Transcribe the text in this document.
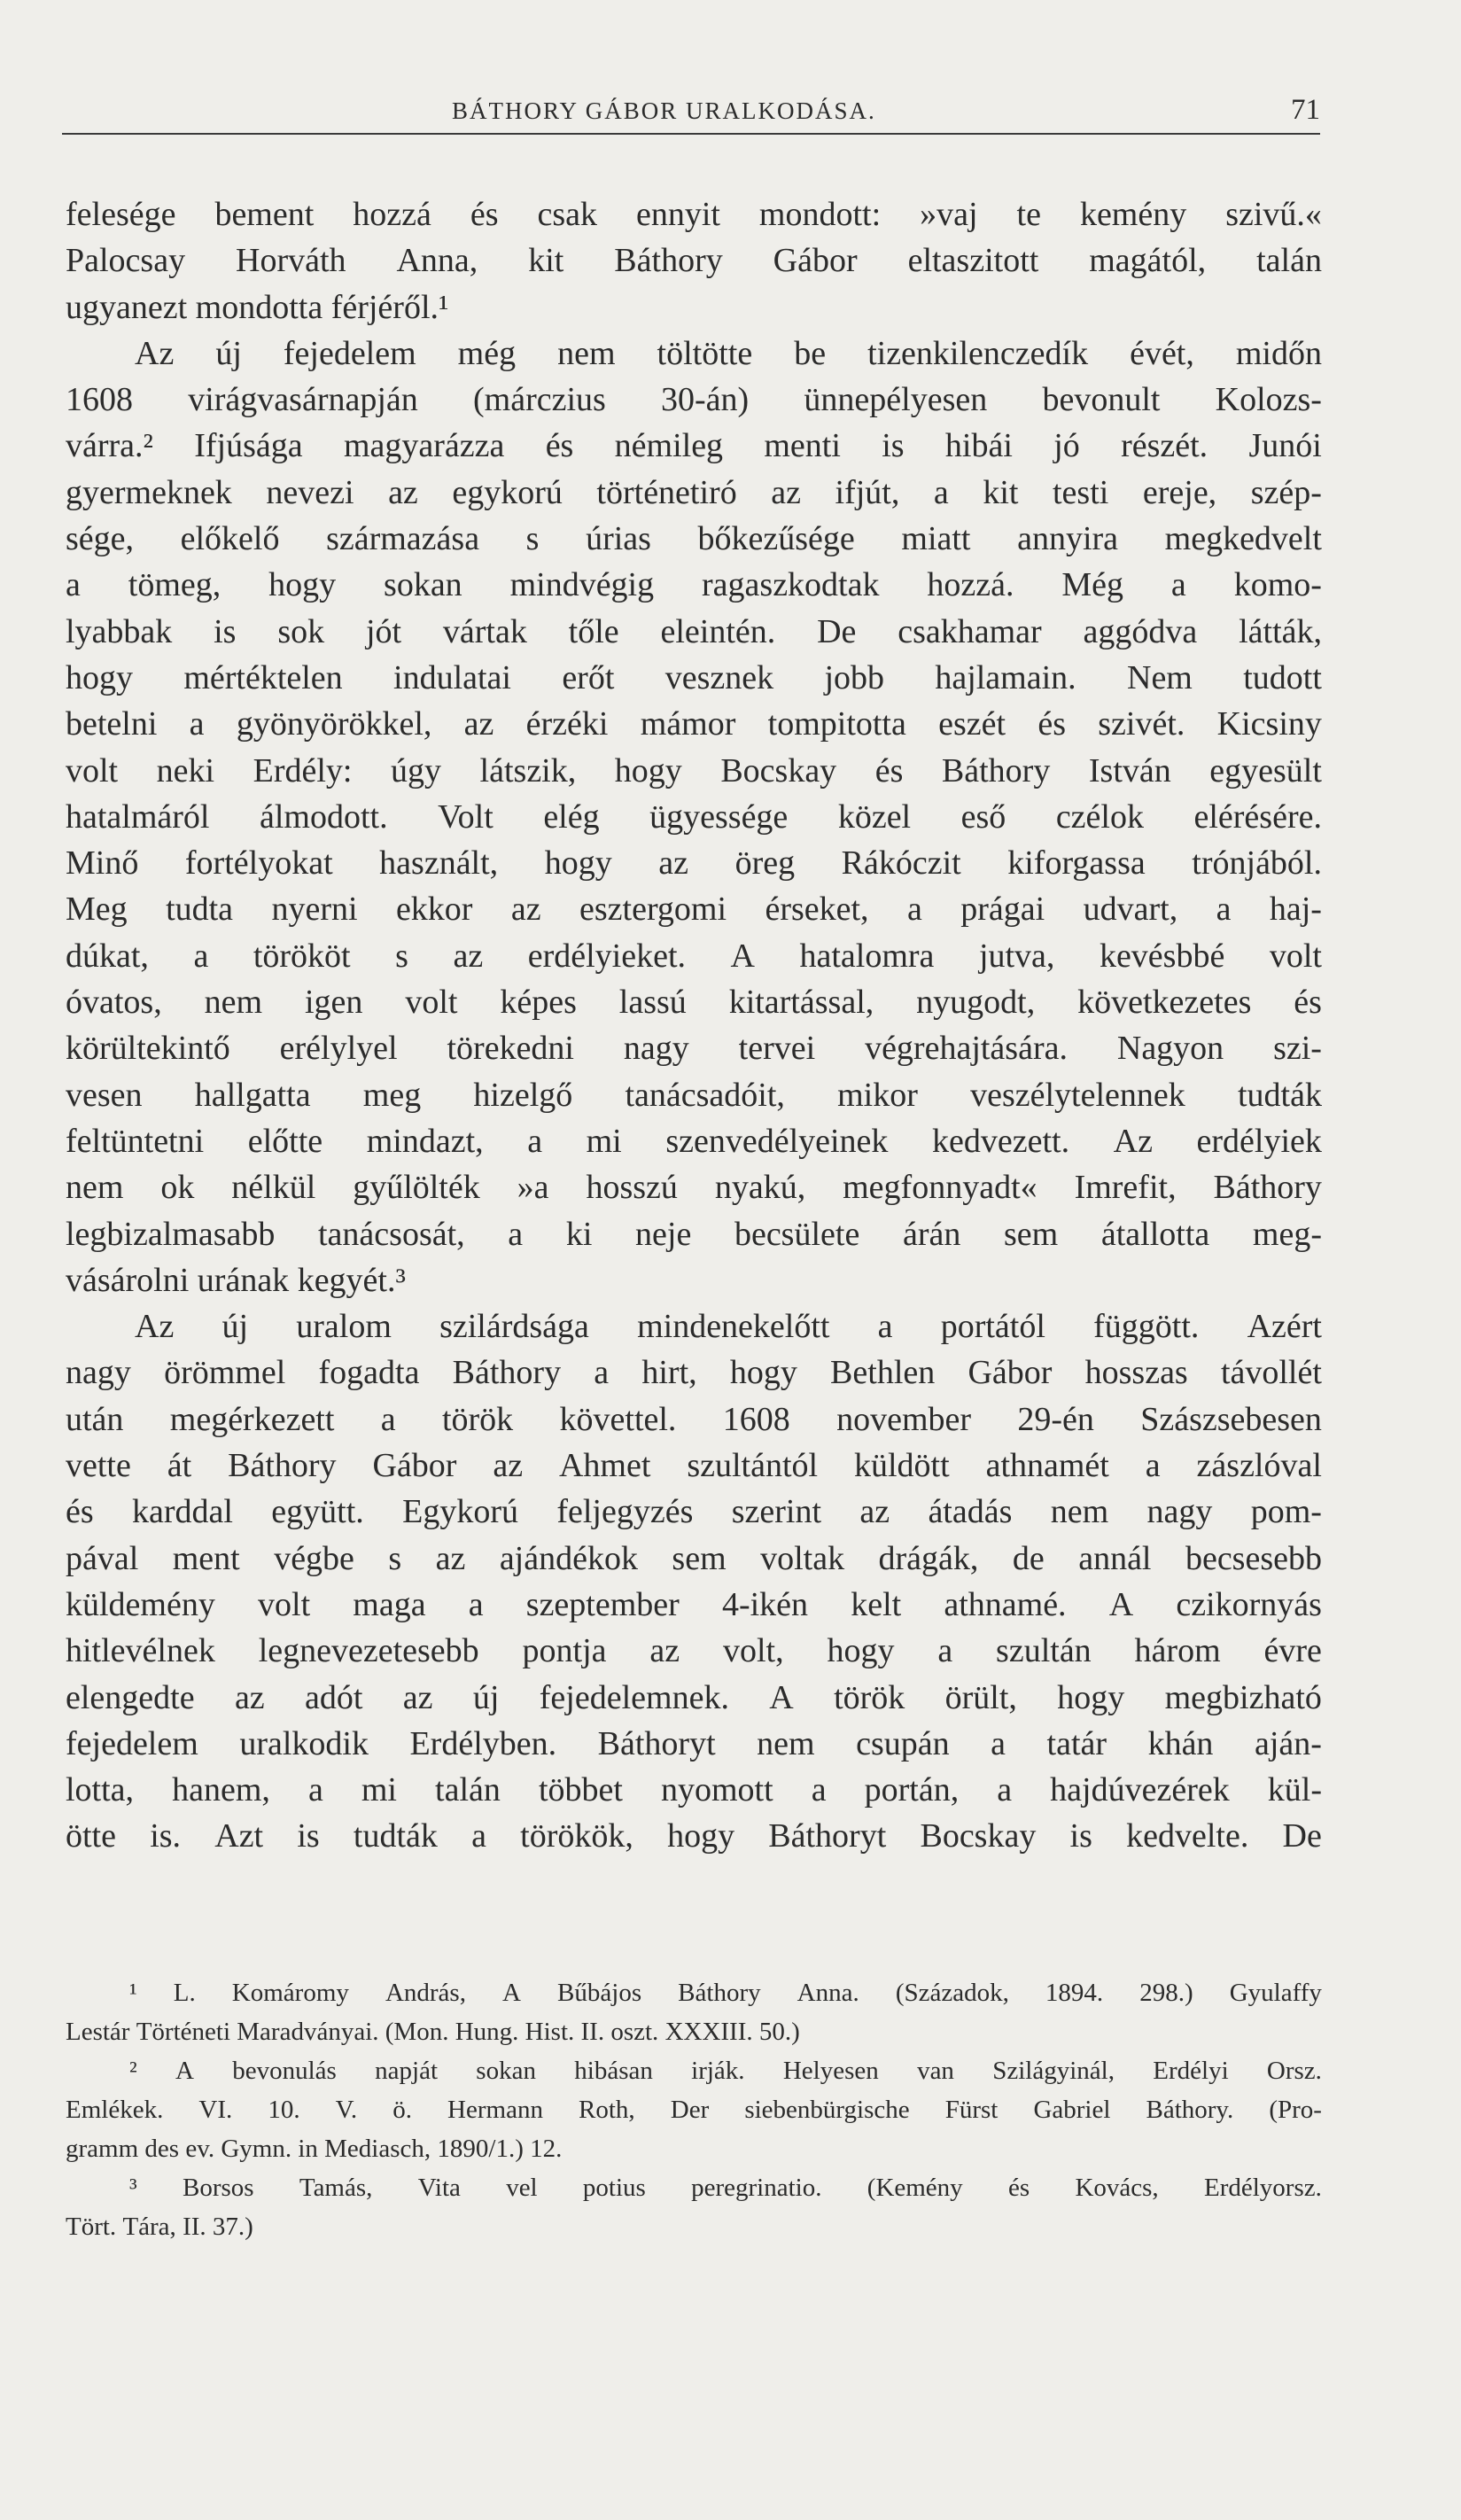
BÁTHORY GÁBOR URALKODÁSA.	71
felesége bement hozzá és csak ennyit mondott: »vaj te kemény szivű.«
Palocsay Horváth Anna, kit Báthory Gábor eltaszitott magától, talán
ugyanezt
mondotta
férjéről.¹

Az új fejedelem még nem töltötte be tizenkilenczedík évét, midőn
1608 virágvasárnapján (márczius 30-án) ünnepélyesen bevonult Kolozs-
várra.² Ifjúsága magyarázza és némileg menti is hibái jó részét. Junói
gyermeknek nevezi az egykorú történetiró az ifjút, a kit testi ereje, szép-
sége, előkelő származása s úrias bőkezűsége miatt annyira megkedvelt
a tömeg, hogy sokan mindvégig ragaszkodtak hozzá. Még a komo-
lyabbak is sok jót vártak tőle eleintén. De csakhamar aggódva látták,
hogy mértéktelen indulatai erőt vesznek jobb hajlamain. Nem tudott
betelni a gyönyörökkel, az érzéki mámor tompitotta eszét és szivét. Kicsiny
volt neki Erdély: úgy látszik, hogy Bocskay és Báthory István egyesült
hatalmáról álmodott. Volt elég ügyessége közel eső czélok elérésére.
Minő fortélyokat használt, hogy az öreg Rákóczit kiforgassa trónjából.
Meg tudta nyerni ekkor az esztergomi érseket, a prágai udvart, a haj-
dúkat, a törököt s az erdélyieket. A hatalomra jutva, kevésbbé volt
óvatos, nem igen volt képes lassú kitartással, nyugodt, következetes és
körültekintő erélylyel törekedni nagy tervei végrehajtására. Nagyon szi-
vesen hallgatta meg hizelgő tanácsadóit, mikor veszélytelennek tudták
feltüntetni előtte mindazt, a mi szenvedélyeinek kedvezett. Az erdélyiek
nem ok nélkül gyűlölték »a hosszú nyakú, megfonnyadt« Imrefit, Báthory
legbizalmasabb tanácsosát, a ki neje becsülete árán sem átallotta meg-
vásárolni
urának
kegyét.³

Az új uralom szilárdsága mindenekelőtt a portától függött. Azért
nagy örömmel fogadta Báthory a hirt, hogy Bethlen Gábor hosszas távollét
után megérkezett a török követtel. 1608 november 29-én Szászsebesen
vette át Báthory Gábor az Ahmet szultántól küldött athnamét a zászlóval
és karddal együtt. Egykorú feljegyzés szerint az átadás nem nagy pom-
pával ment végbe s az ajándékok sem voltak drágák, de annál becsesebb
küldemény volt maga a szeptember 4-ikén kelt athnamé. A czikornyás
hitlevélnek legnevezetesebb pontja az volt, hogy a szultán három évre
elengedte az adót az új fejedelemnek. A török örült, hogy megbizható
fejedelem uralkodik Erdélyben. Báthoryt nem csupán a tatár khán aján-
lotta, hanem, a mi talán többet nyomott a portán, a hajdúvezérek kül-
ötte is. Azt is tudták a törökök, hogy Báthoryt Bocskay is kedvelte. De
¹ L. Komáromy András, A Bűbájos Báthory Anna. (Századok, 1894. 298.) Gyulaffy
Lestár
Történeti
Maradványai.
(Mon.
Hung.
Hist.
II.
oszt.
XXXIII.
50.)

² A bevonulás napját sokan hibásan irják. Helyesen van Szilágyinál, Erdélyi Orsz.
Emlékek. VI. 10. V. ö. Hermann Roth, Der siebenbürgische Fürst Gabriel Báthory. (Pro-
gramm
des
ev.
Gymn.
in
Mediasch,
1890/1.)
12.

³ Borsos Tamás, Vita vel potius peregrinatio. (Kemény és Kovács, Erdélyorsz.
Tört.
Tára,
II.
37.)
